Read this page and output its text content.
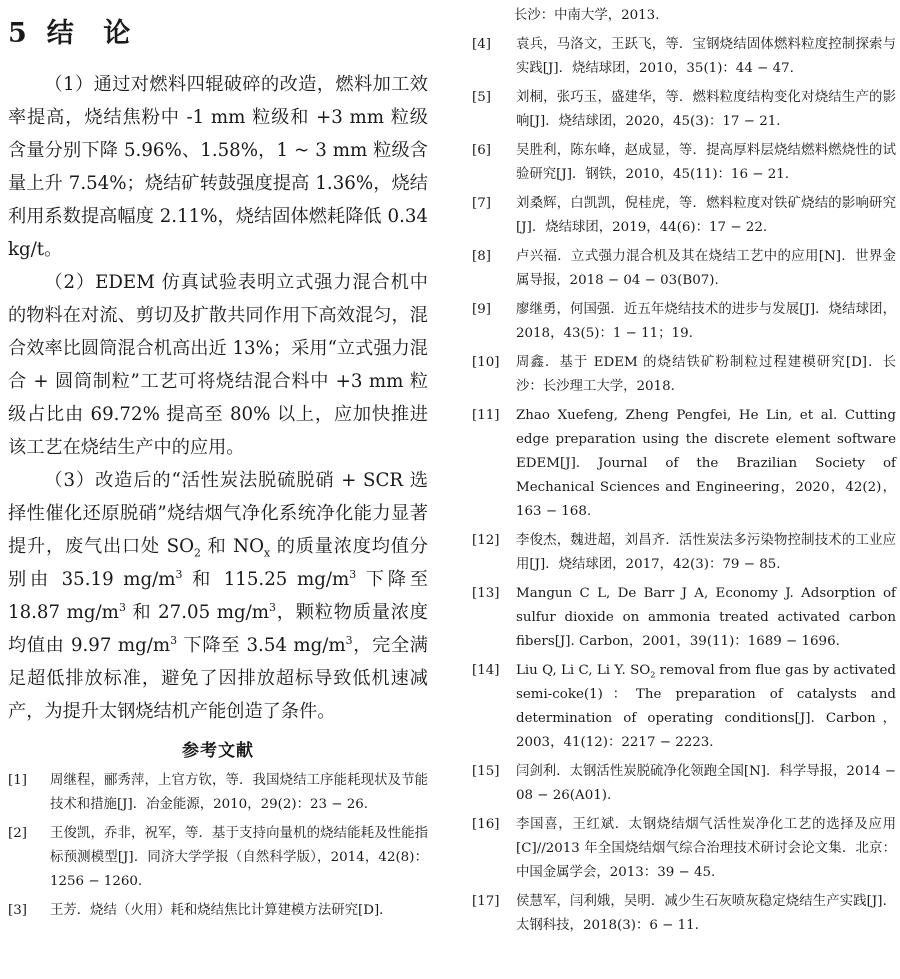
5 结 论

（1）通过对燃料四辊破碎的改造，燃料加工效率提高，烧结焦粉中 -1 mm 粒级和 +3 mm 粒级含量分别下降 5.96%、1.58%，1 ~ 3 mm 粒级含量上升 7.54%；烧结矿转鼓强度提高 1.36%，烧结利用系数提高幅度 2.11%，烧结固体燃耗降低 0.34 kg/t。

（2）EDEM 仿真试验表明立式强力混合机中的物料在对流、剪切及扩散共同作用下高效混匀，混合效率比圆筒混合机高出近 13%；采用“立式强力混合 + 圆筒制粒”工艺可将烧结混合料中 +3 mm 粒级占比由 69.72% 提高至 80% 以上，应加快推进该工艺在烧结生产中的应用。

（3）改造后的“活性炭法脱硫脱硝 + SCR 选择性催化还原脱硝”烧结烟气净化系统净化能力显著提升，废气出口处 $SO_2$ 和 $NO_x$ 的质量浓度均值分别由 35.19 $mg/m^3$ 和 115.25 $mg/m^3$ 下降至 18.87 $mg/m^3$ 和 27.05 $mg/m^3$，颗粒物质量浓度均值由 9.97 $mg/m^3$ 下降至 3.54 $mg/m^3$，完全满足超低排放标准，避免了因排放超标导致低机速减产，为提升太钢烧结机产能创造了条件。

参考文献
[1]	周继程，郦秀萍，上官方钦，等．我国烧结工序能耗现状及节能技术和措施[J]．冶金能源，2010，29(2)：23 − 26.
[2]	王俊凯，乔非，祝军，等．基于支持向量机的烧结能耗及性能指标预测模型[J]．同济大学学报（自然科学版），2014，42(8)：1256 − 1260.
[3]	王芳．烧结（火用）耗和烧结焦比计算建模方法研究[D]．
长沙：中南大学，2013.
[4]	袁兵，马洛文，王跃飞，等．宝钢烧结固体燃料粒度控制探索与实践[J]．烧结球团，2010，35(1)：44 − 47.
[5]	刘桐，张巧玉，盛建华，等．燃料粒度结构变化对烧结生产的影响[J]．烧结球团，2020，45(3)：17 − 21.
[6]	吴胜利，陈东峰，赵成显，等．提高厚料层烧结燃料燃烧性的试验研究[J]．钢铁，2010，45(11)：16 − 21.
[7]	刘桑辉，白凯凯，倪桂虎，等．燃料粒度对铁矿烧结的影响研究[J]．烧结球团，2019，44(6)：17 − 22.
[8]	卢兴福．立式强力混合机及其在烧结工艺中的应用[N]．世界金属导报，2018 − 04 − 03(B07).
[9]	廖继勇，何国强．近五年烧结技术的进步与发展[J]．烧结球团，2018，43(5)：1 − 11；19.
[10]	周鑫．基于 EDEM 的烧结铁矿粉制粒过程建模研究[D]．长沙：长沙理工大学，2018.
[11]	Zhao Xuefeng, Zheng Pengfei, He Lin, et al. Cutting edge preparation using the discrete element software EDEM[J]. Journal of the Brazilian Society of Mechanical Sciences and Engineering，2020，42(2)，163 − 168.
[12]	李俊杰，魏进超，刘昌齐．活性炭法多污染物控制技术的工业应用[J]．烧结球团，2017，42(3)：79 − 85.
[13]	Mangun C L, De Barr J A, Economy J. Adsorption of sulfur dioxide on ammonia treated activated carbon fibers[J]. Carbon，2001，39(11)：1689 − 1696.
[14]	Liu Q, Li C, Li Y. $SO_2$ removal from flue gas by activated semi-coke(1)：The preparation of catalysts and determination of operating conditions[J]. Carbon，2003，41(12)：2217 − 2223.
[15]	闫剑利．太钢活性炭脱硫净化领跑全国[N]．科学导报，2014 − 08 − 26(A01).
[16]	李国喜，王红斌．太钢烧结烟气活性炭净化工艺的选择及应用[C]//2013 年全国烧结烟气综合治理技术研讨会论文集．北京：中国金属学会，2013：39 − 45.
[17]	侯慧军，闫利娥，吴明．减少生石灰喷灰稳定烧结生产实践[J]．太钢科技，2018(3)：6 − 11.
